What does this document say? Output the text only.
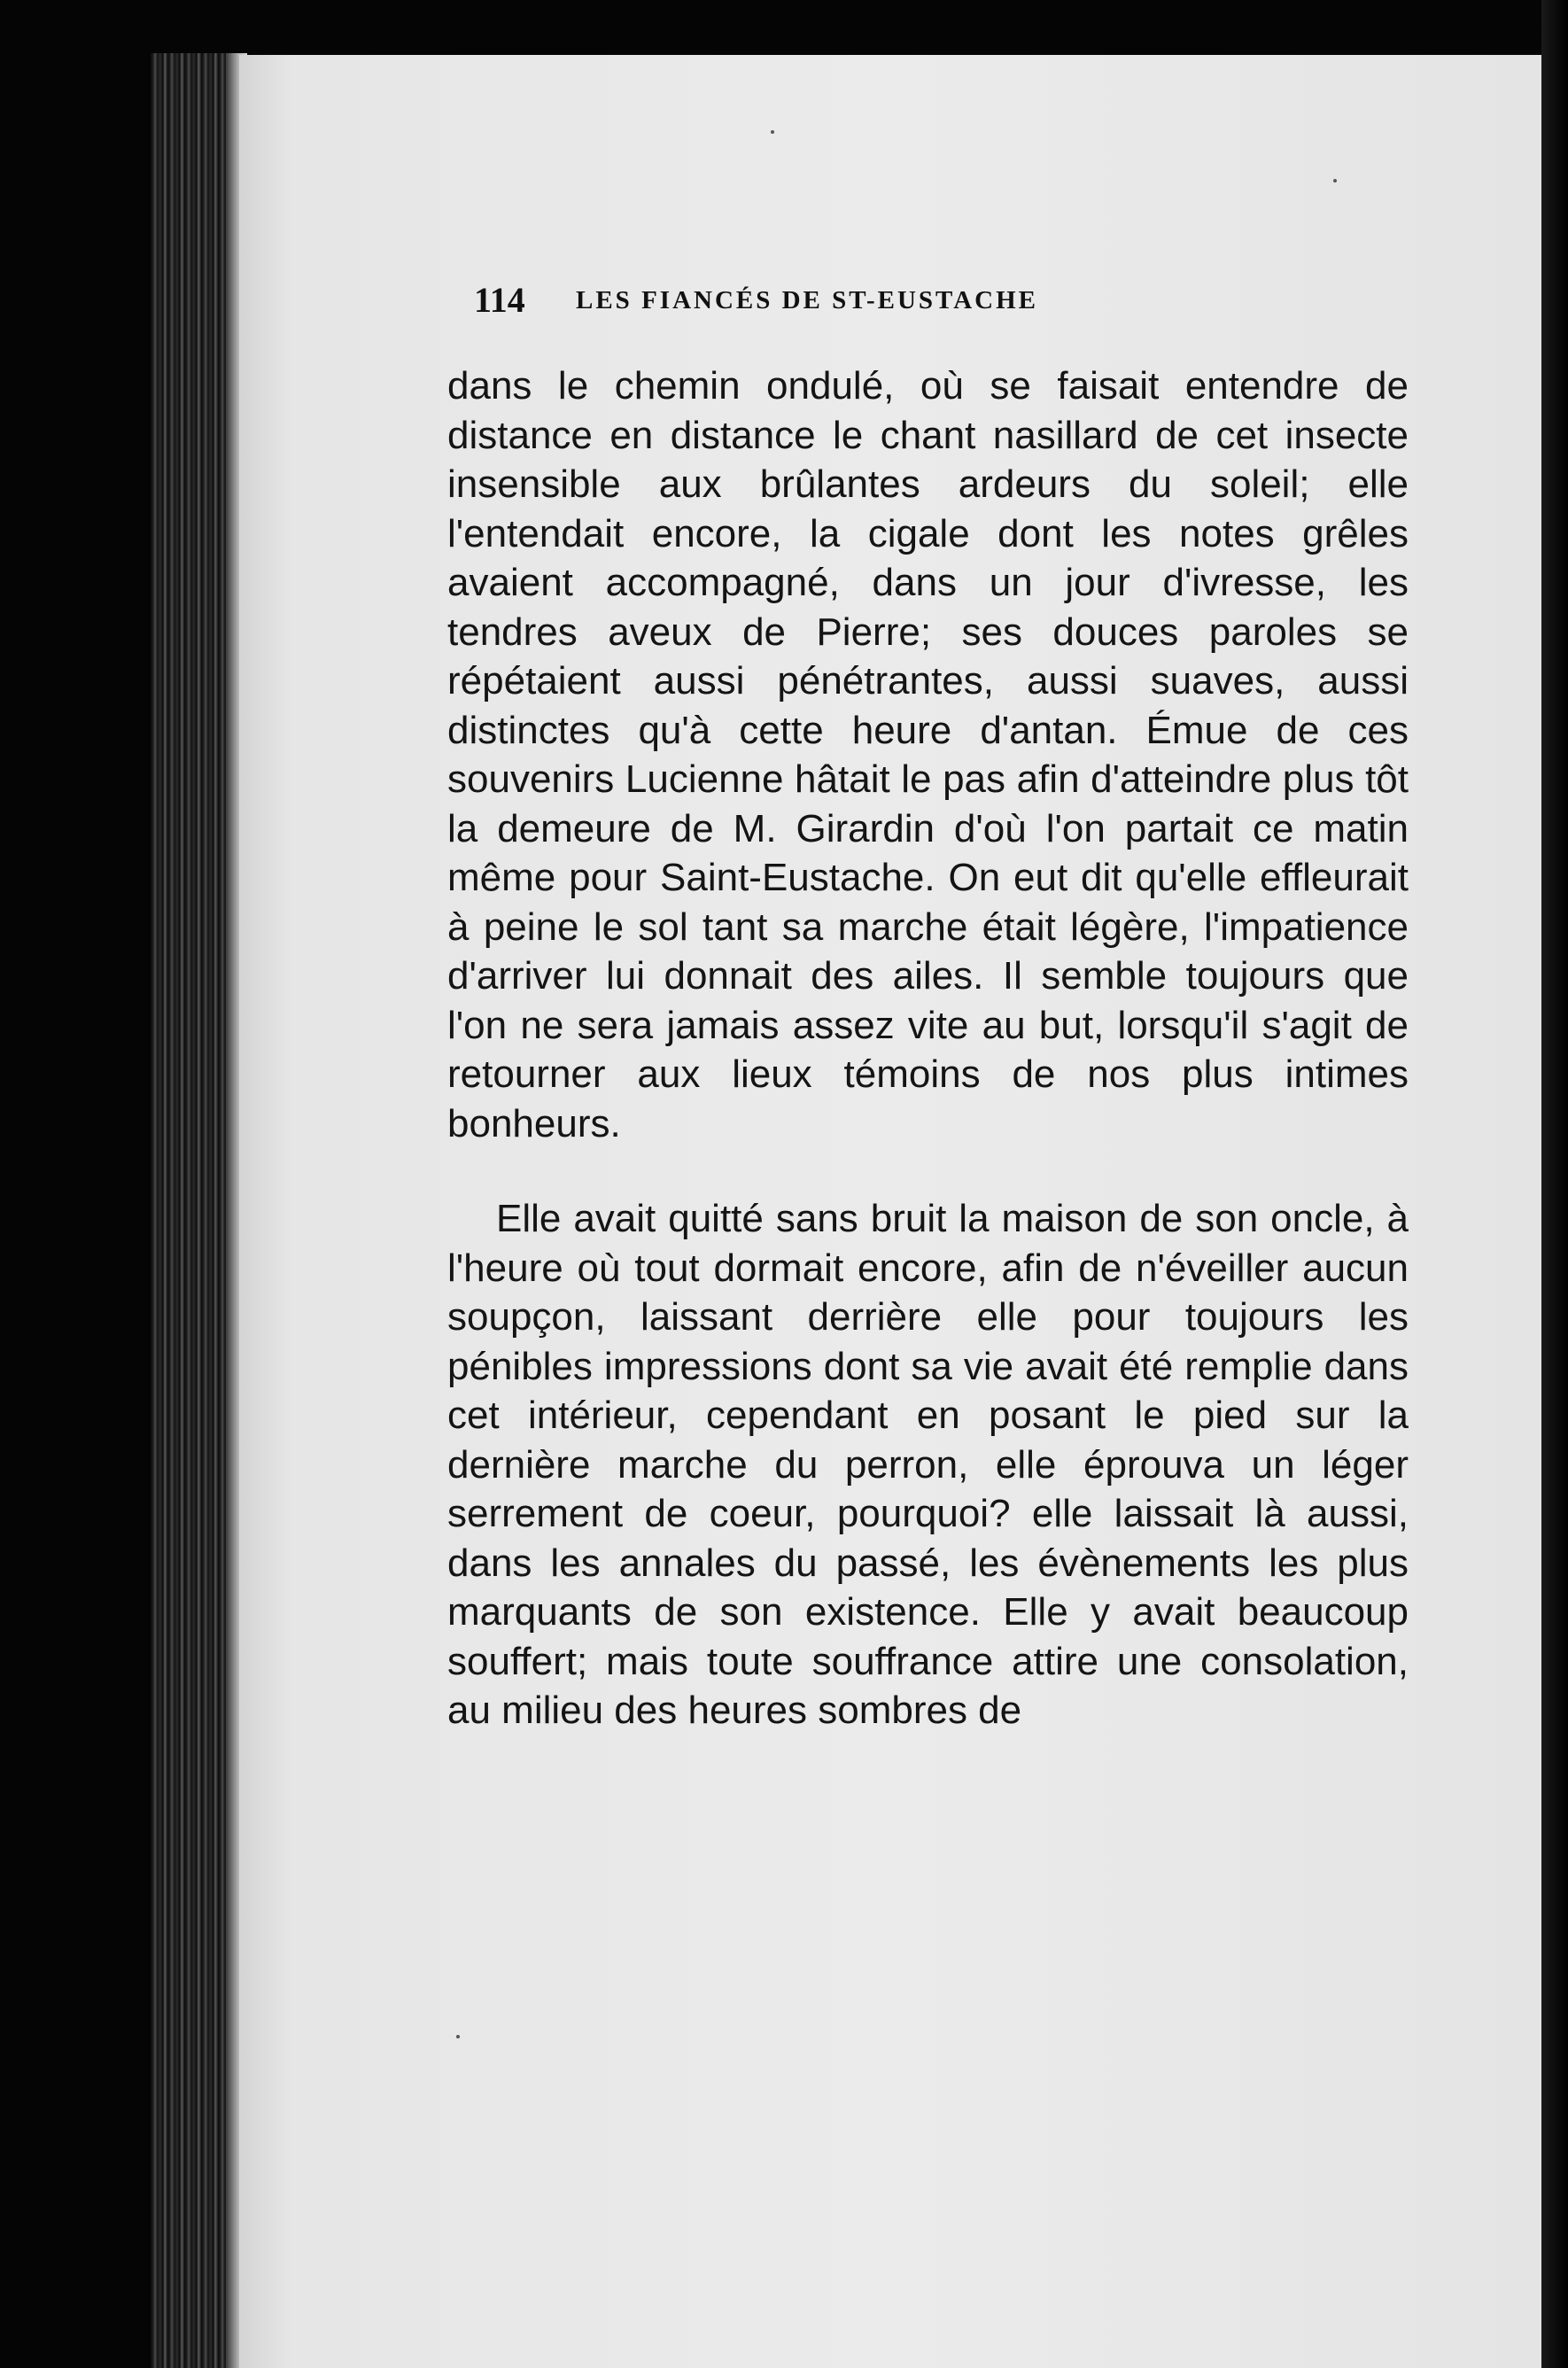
114 LES FIANCÉS DE ST-EUSTACHE

dans le chemin ondulé, où se faisait entendre de distance en distance le chant nasillard de cet insecte insensible aux brûlantes ardeurs du soleil; elle l'entendait encore, la cigale dont les notes grêles avaient accompagné, dans un jour d'ivresse, les tendres aveux de Pierre; ses douces paroles se répétaient aussi pénétrantes, aussi suaves, aussi distinctes qu'à cette heure d'antan. Émue de ces souvenirs Lucienne hâtait le pas afin d'atteindre plus tôt la demeure de M. Girardin d'où l'on partait ce matin même pour Saint-Eustache. On eut dit qu'elle effleurait à peine le sol tant sa marche était légère, l'impatience d'arriver lui donnait des ailes. Il semble toujours que l'on ne sera jamais assez vite au but, lorsqu'il s'agit de retourner aux lieux témoins de nos plus intimes bonheurs.

Elle avait quitté sans bruit la maison de son oncle, à l'heure où tout dormait encore, afin de n'éveiller aucun soupçon, laissant derrière elle pour toujours les pénibles impressions dont sa vie avait été remplie dans cet intérieur, cependant en posant le pied sur la dernière marche du perron, elle éprouva un léger serrement de coeur, pourquoi? elle laissait là aussi, dans les annales du passé, les évènements les plus marquants de son existence. Elle y avait beaucoup souffert; mais toute souffrance attire une consolation, au milieu des heures sombres de
